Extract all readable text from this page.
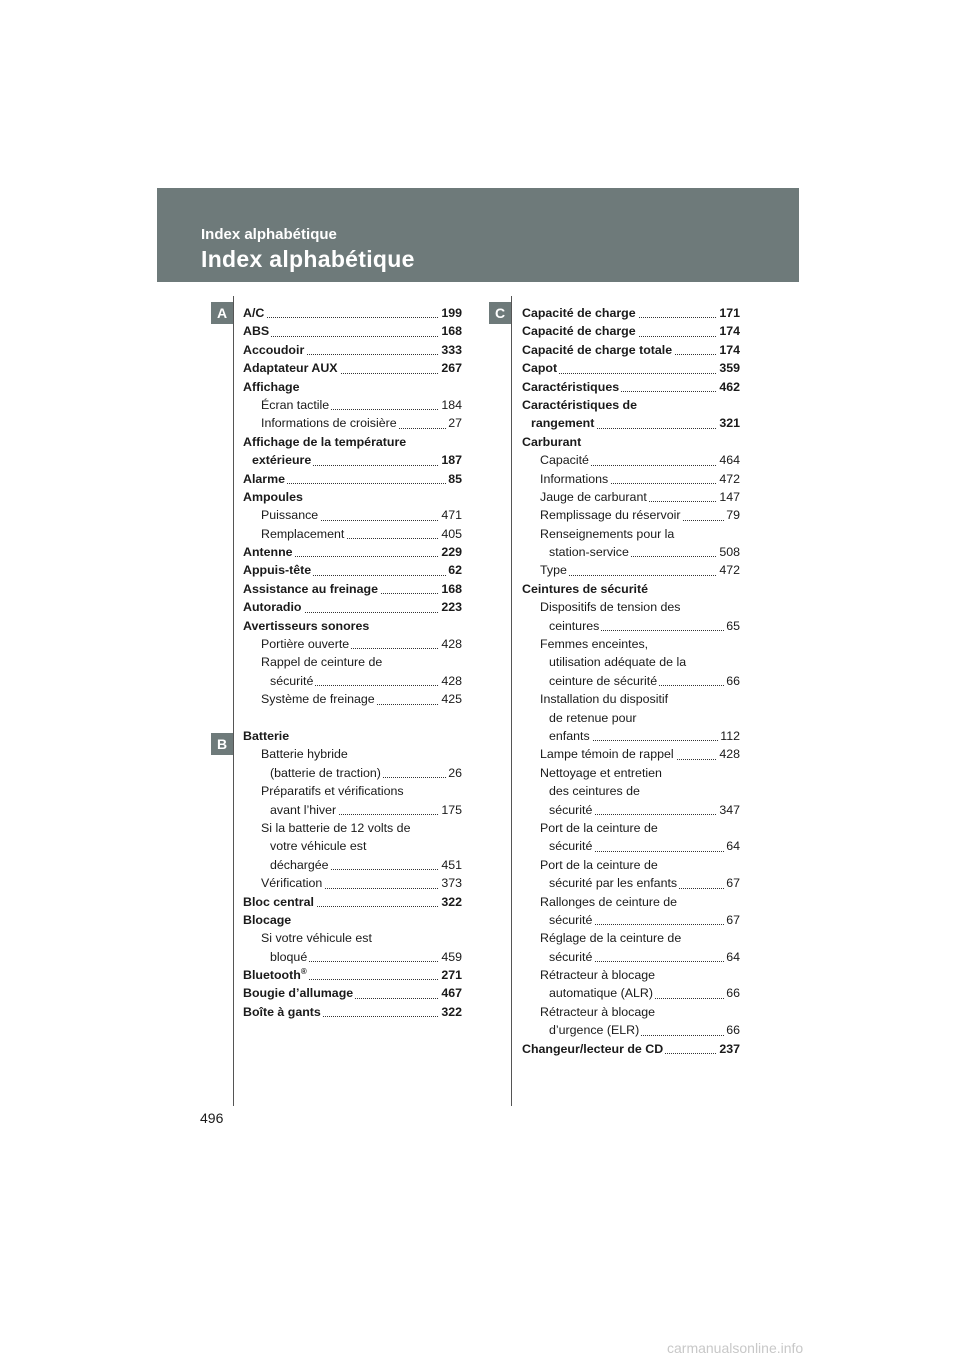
Index alphabétique
Index alphabétique
A
B
C
A/C	199
ABS	168
Accoudoir	333
Adaptateur AUX	267
Affichage
Écran tactile	184
Informations de croisière	27
Affichage de la température
extérieure	187
Alarme	85
Ampoules
Puissance	471
Remplacement	405
Antenne	229
Appuis-tête	62
Assistance au freinage	168
Autoradio	223
Avertisseurs sonores
Portière ouverte	428
Rappel de ceinture de
sécurité	428
Système de freinage	425
Batterie
Batterie hybride
(batterie de traction)	26
Préparatifs et vérifications
avant l’hiver	175
Si la batterie de 12 volts de
votre véhicule est
déchargée	451
Vérification	373
Bloc central	322
Blocage
Si votre véhicule est
bloqué	459
Bluetooth®	271
Bougie d’allumage	467
Boîte à gants	322
Capacité de charge	171
Capacité de charge	174
Capacité de charge totale	174
Capot	359
Caractéristiques	462
Caractéristiques de
rangement	321
Carburant
Capacité	464
Informations	472
Jauge de carburant	147
Remplissage du réservoir	79
Renseignements pour la
station-service	508
Type	472
Ceintures de sécurité
Dispositifs de tension des
ceintures	65
Femmes enceintes,
utilisation adéquate de la
ceinture de sécurité	66
Installation du dispositif
de retenue pour
enfants	112
Lampe témoin de rappel	428
Nettoyage et entretien
des ceintures de
sécurité	347
Port de la ceinture de
sécurité	64
Port de la ceinture de
sécurité par les enfants	67
Rallonges de ceinture de
sécurité	67
Réglage de la ceinture de
sécurité	64
Rétracteur à blocage
automatique (ALR)	66
Rétracteur à blocage
d’urgence (ELR)	66
Changeur/lecteur de CD	237
496
carmanualsonline.info
